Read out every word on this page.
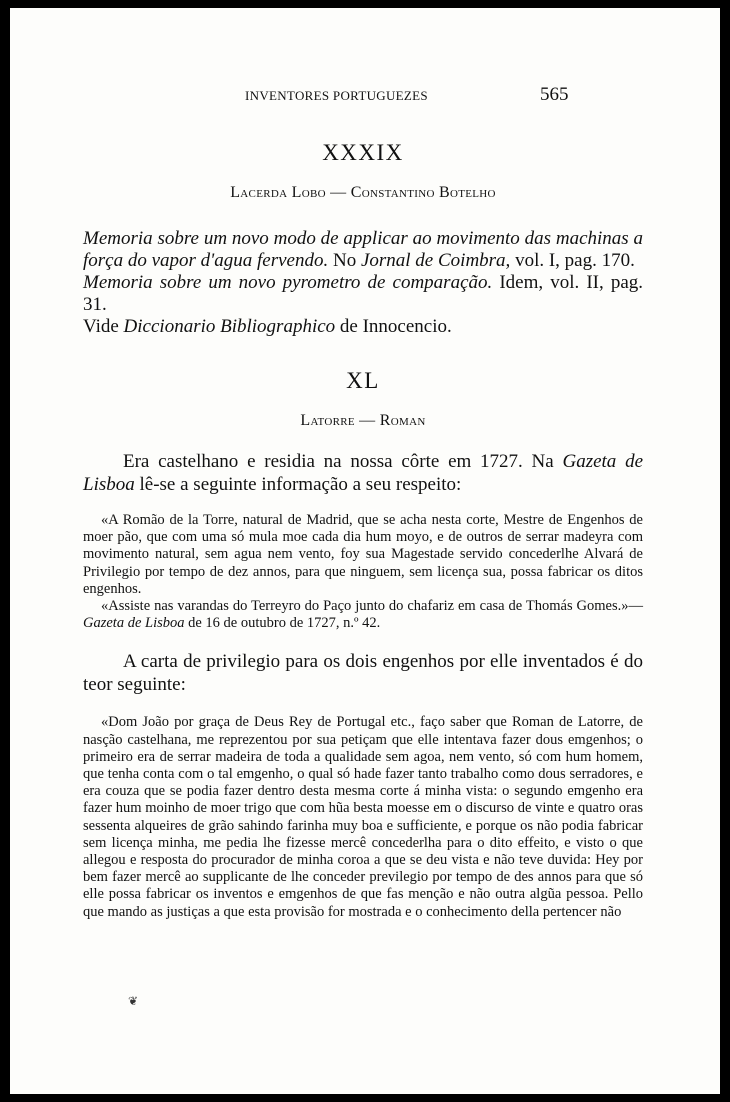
INVENTORES PORTUGUEZES	565
XXXIX
Lacerda Lobo — Constantino Botelho

Memoria sobre um novo modo de applicar ao movimento das machinas a força do vapor d'agua fervendo. No Jornal de Coimbra, vol. I, pag. 170.

Memoria sobre um novo pyrometro de comparação. Idem, vol. II, pag. 31.

Vide Diccionario Bibliographico de Innocencio.

XL
Latorre — Roman

Era castelhano e residia na nossa côrte em 1727. Na Gazeta de Lisboa lê-se a seguinte informação a seu respeito:

«A Romão de la Torre, natural de Madrid, que se acha nesta corte, Mestre de Engenhos de moer pão, que com uma só mula moe cada dia hum moyo, e de outros de serrar madeyra com movimento natural, sem agua nem vento, foy sua Magestade servido concederlhe Alvará de Privilegio por tempo de dez annos, para que ninguem, sem licença sua, possa fabricar os ditos engenhos.

«Assiste nas varandas do Terreyro do Paço junto do chafariz em casa de Thomás Gomes.»—Gazeta de Lisboa de 16 de outubro de 1727, n.º 42.

A carta de privilegio para os dois engenhos por elle inventados é do teor seguinte:

«Dom João por graça de Deus Rey de Portugal etc., faço saber que Roman de Latorre, de nasção castelhana, me reprezentou por sua petiçam que elle intentava fazer dous emgenhos; o primeiro era de serrar madeira de toda a qualidade sem agoa, nem vento, só com hum homem, que tenha conta com o tal emgenho, o qual só hade fazer tanto trabalho como dous serradores, e era couza que se podia fazer dentro desta mesma corte á minha vista: o segundo emgenho era fazer hum moinho de moer trigo que com hũa besta moesse em o discurso de vinte e quatro oras sessenta alqueires de grão sahindo farinha muy boa e sufficiente, e porque os não podia fabricar sem licença minha, me pedia lhe fizesse mercê concederlha para o dito effeito, e visto o que allegou e resposta do procurador de minha coroa a que se deu vista e não teve duvida: Hey por bem fazer mercê ao supplicante de lhe conceder previlegio por tempo de des annos para que só elle possa fabricar os inventos e emgenhos de que fas menção e não outra algũa pessoa. Pello que mando as justiças a que esta provisão for mostrada e o conhecimento della pertencer não

❦
